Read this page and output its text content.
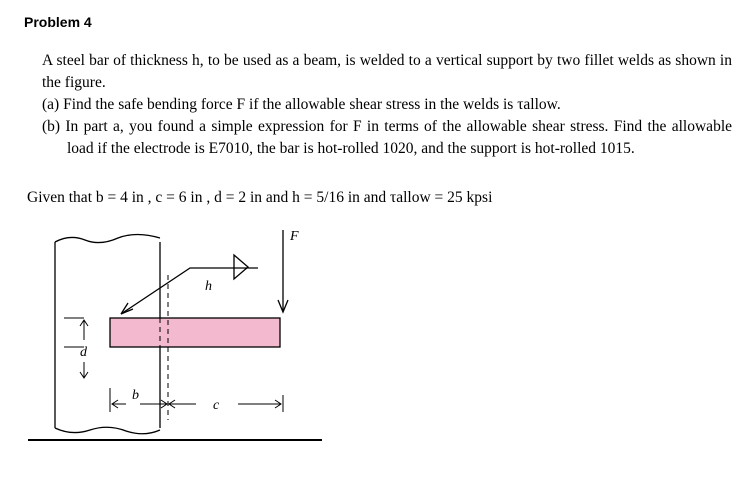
Problem 4

A steel bar of thickness h, to be used as a beam, is welded to a vertical support by two fillet welds as shown in the figure.

(a) Find the safe bending force F if the allowable shear stress in the welds is τallow.

(b) In part a, you found a simple expression for F in terms of the allowable shear stress. Find the allowable load if the electrode is E7010, the bar is hot-rolled 1020, and the support is hot-rolled 1015.

Given that b = 4 in , c = 6 in , d = 2 in and h = 5/16 in and τallow = 25 kpsi
F
h
d
b
c
